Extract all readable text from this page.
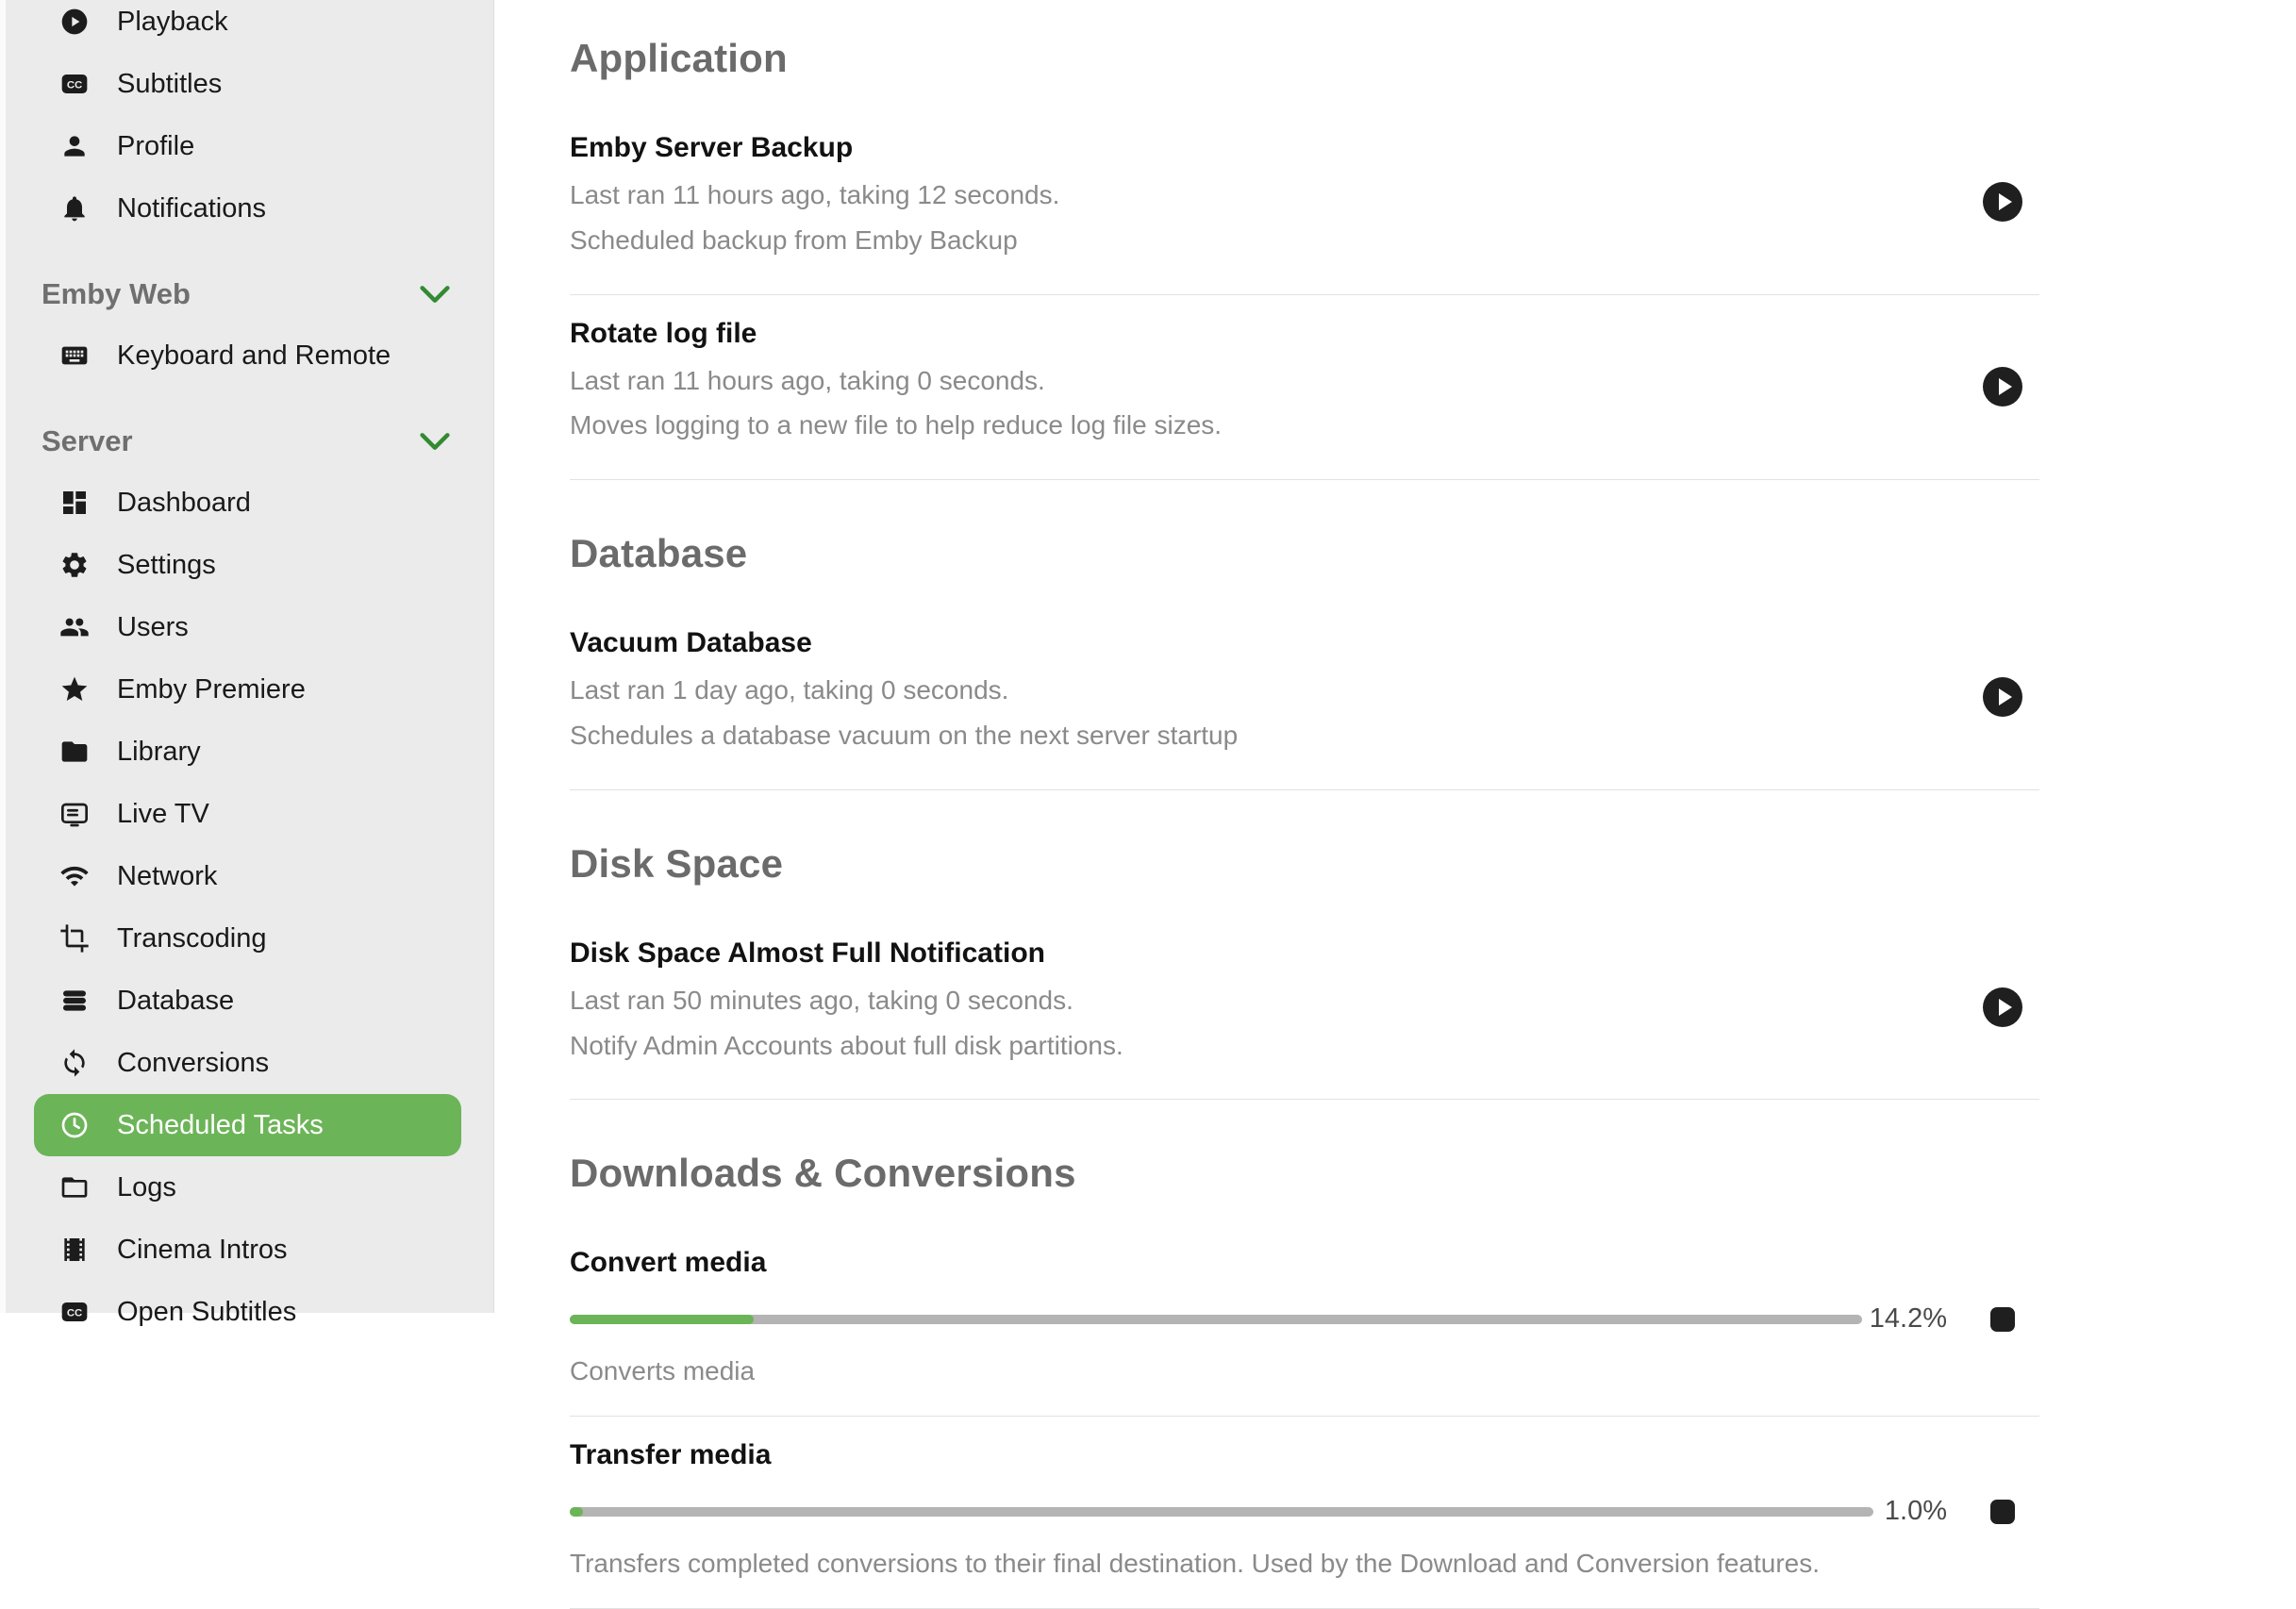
Playback
CC Subtitles
Profile
Notifications
Emby Web
Keyboard and Remote
Server
Dashboard
Settings
Users
Emby Premiere
Library
Live TV
Network
Transcoding
Database
Conversions
Scheduled Tasks
Logs
Cinema Intros
CC Open Subtitles
Application
Emby Server Backup
Last ran 11 hours ago, taking 12 seconds.
Scheduled backup from Emby Backup
Rotate log file
Last ran 11 hours ago, taking 0 seconds.
Moves logging to a new file to help reduce log file sizes.
Database
Vacuum Database
Last ran 1 day ago, taking 0 seconds.
Schedules a database vacuum on the next server startup
Disk Space
Disk Space Almost Full Notification
Last ran 50 minutes ago, taking 0 seconds.
Notify Admin Accounts about full disk partitions.
Downloads & Conversions
Convert media
14.2%
Converts media
Transfer media
1.0%
Transfers completed conversions to their final destination. Used by the Download and Conversion features.
